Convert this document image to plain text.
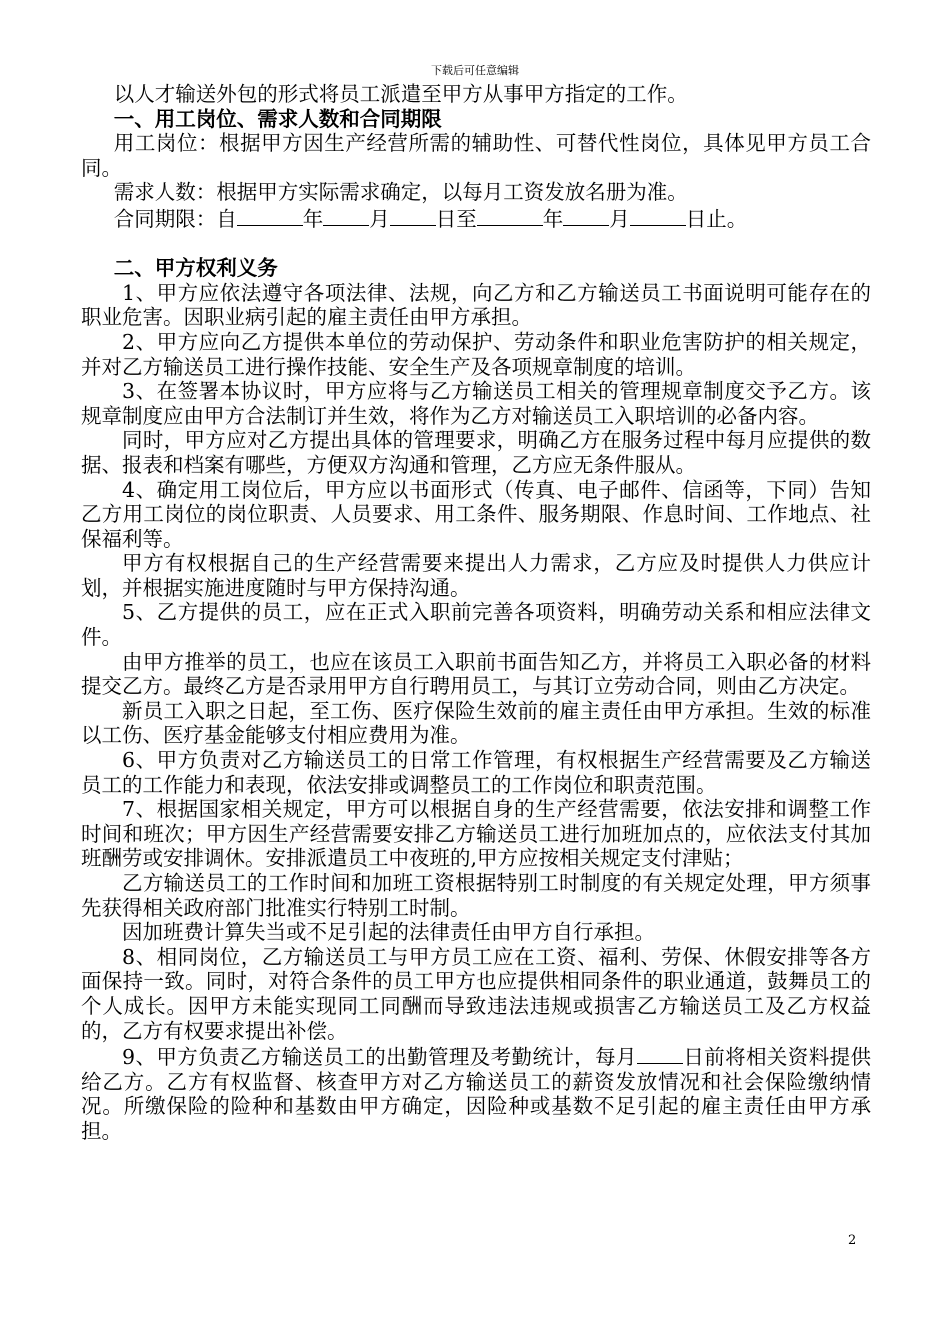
下载后可任意编辑

以人才输送外包的形式将员工派遣至甲方从事甲方指定的工作。

一、用工岗位、需求人数和合同期限

用工岗位：根据甲方因生产经营所需的辅助性、可替代性岗位，具体见甲方员工合同。

需求人数：根据甲方实际需求确定，以每月工资发放名册为准。

合同期限：自	年 月 日至	年 月	日止。

二、甲方权利义务

1、甲方应依法遵守各项法律、法规，向乙方和乙方输送员工书面说明可能存在的职业危害。因职业病引起的雇主责任由甲方承担。

2、甲方应向乙方提供本单位的劳动保护、劳动条件和职业危害防护的相关规定，并对乙方输送员工进行操作技能、安全生产及各项规章制度的培训。

3、在签署本协议时，甲方应将与乙方输送员工相关的管理规章制度交予乙方。该规章制度应由甲方合法制订并生效，将作为乙方对输送员工入职培训的必备内容。

同时，甲方应对乙方提出具体的管理要求，明确乙方在服务过程中每月应提供的数据、报表和档案有哪些，方便双方沟通和管理，乙方应无条件服从。

4、确定用工岗位后，甲方应以书面形式（传真、电子邮件、信函等，下同）告知乙方用工岗位的岗位职责、人员要求、用工条件、服务期限、作息时间、工作地点、社保福利等。

甲方有权根据自己的生产经营需要来提出人力需求，乙方应及时提供人力供应计划，并根据实施进度随时与甲方保持沟通。

5、乙方提供的员工，应在正式入职前完善各项资料，明确劳动关系和相应法律文件。

由甲方推举的员工，也应在该员工入职前书面告知乙方，并将员工入职必备的材料提交乙方。最终乙方是否录用甲方自行聘用员工，与其订立劳动合同，则由乙方决定。

新员工入职之日起，至工伤、医疗保险生效前的雇主责任由甲方承担。生效的标准以工伤、医疗基金能够支付相应费用为准。

6、甲方负责对乙方输送员工的日常工作管理，有权根据生产经营需要及乙方输送员工的工作能力和表现，依法安排或调整员工的工作岗位和职责范围。

7、根据国家相关规定，甲方可以根据自身的生产经营需要，依法安排和调整工作时间和班次；甲方因生产经营需要安排乙方输送员工进行加班加点的，应依法支付其加班酬劳或安排调休。安排派遣员工中夜班的,甲方应按相关规定支付津贴；

乙方输送员工的工作时间和加班工资根据特别工时制度的有关规定处理，甲方须事先获得相关政府部门批准实行特别工时制。

因加班费计算失当或不足引起的法律责任由甲方自行承担。

8、相同岗位，乙方输送员工与甲方员工应在工资、福利、劳保、休假安排等各方面保持一致。同时，对符合条件的员工甲方也应提供相同条件的职业通道，鼓舞员工的个人成长。因甲方未能实现同工同酬而导致违法违规或损害乙方输送员工及乙方权益的，乙方有权要求提出补偿。

9、甲方负责乙方输送员工的出勤管理及考勤统计，每月 日前将相关资料提供给乙方。乙方有权监督、核查甲方对乙方输送员工的薪资发放情况和社会保险缴纳情况。所缴保险的险种和基数由甲方确定，因险种或基数不足引起的雇主责任由甲方承担。

2
